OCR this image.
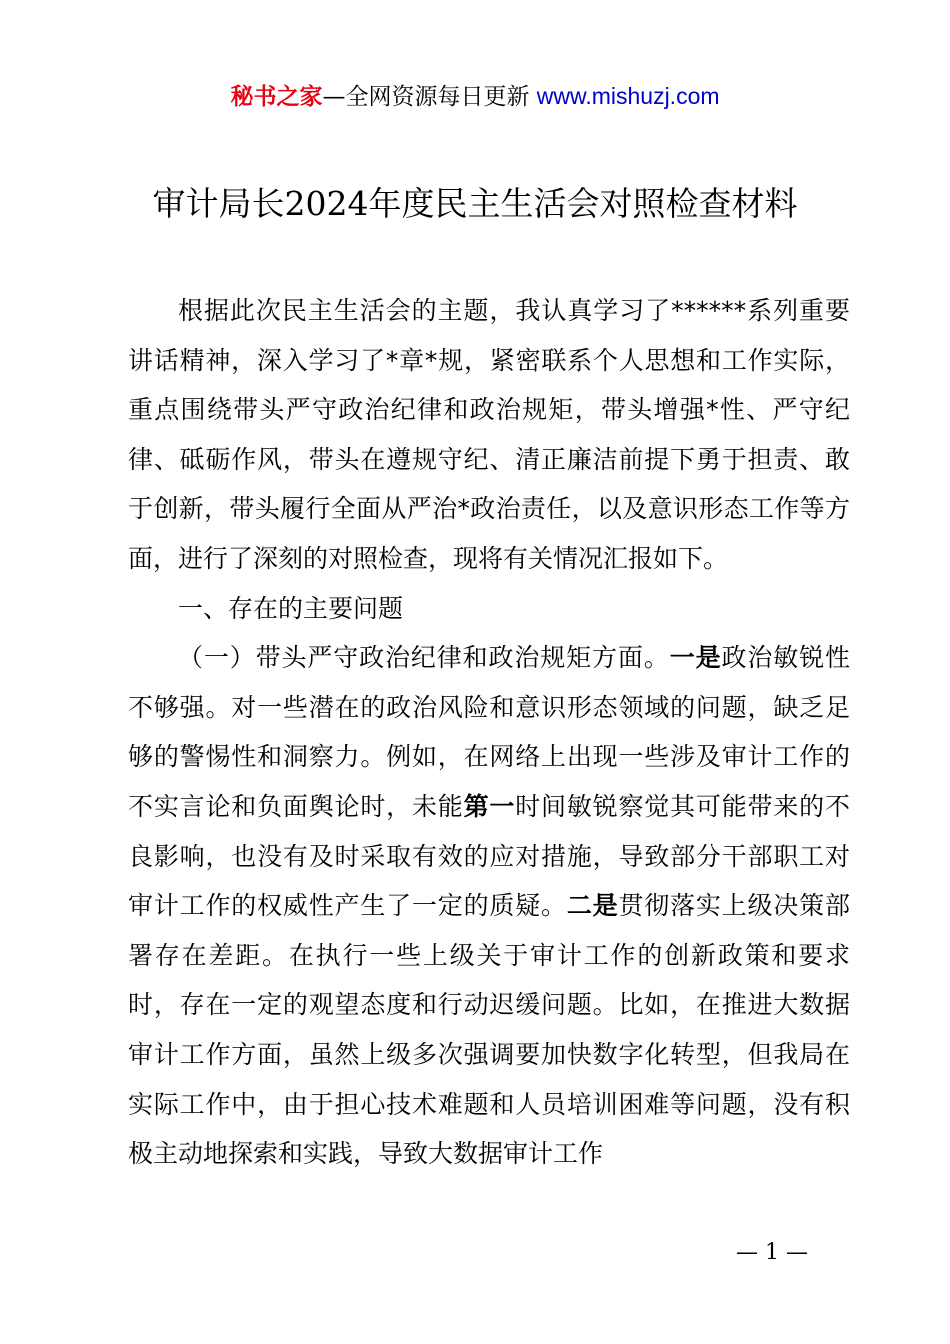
秘书之家—全网资源每日更新 www.mishuzj.com
审计局长2024年度民主生活会对照检查材料

根据此次民主生活会的主题，我认真学习了******系列重要讲话精神，深入学习了*章*规，紧密联系个人思想和工作实际，重点围绕带头严守政治纪律和政治规矩，带头增强*性、严守纪律、砥砺作风，带头在遵规守纪、清正廉洁前提下勇于担责、敢于创新，带头履行全面从严治*政治责任，以及意识形态工作等方面，进行了深刻的对照检查，现将有关情况汇报如下。

一、存在的主要问题

（一）带头严守政治纪律和政治规矩方面。一是政治敏锐性不够强。对一些潜在的政治风险和意识形态领域的问题，缺乏足够的警惕性和洞察力。例如，在网络上出现一些涉及审计工作的不实言论和负面舆论时，未能第一时间敏锐察觉其可能带来的不良影响，也没有及时采取有效的应对措施，导致部分干部职工对审计工作的权威性产生了一定的质疑。二是贯彻落实上级决策部署存在差距。在执行一些上级关于审计工作的创新政策和要求时，存在一定的观望态度和行动迟缓问题。比如，在推进大数据审计工作方面，虽然上级多次强调要加快数字化转型，但我局在实际工作中，由于担心技术难题和人员培训困难等问题，没有积极主动地探索和实践，导致大数据审计工作

— 1 —
